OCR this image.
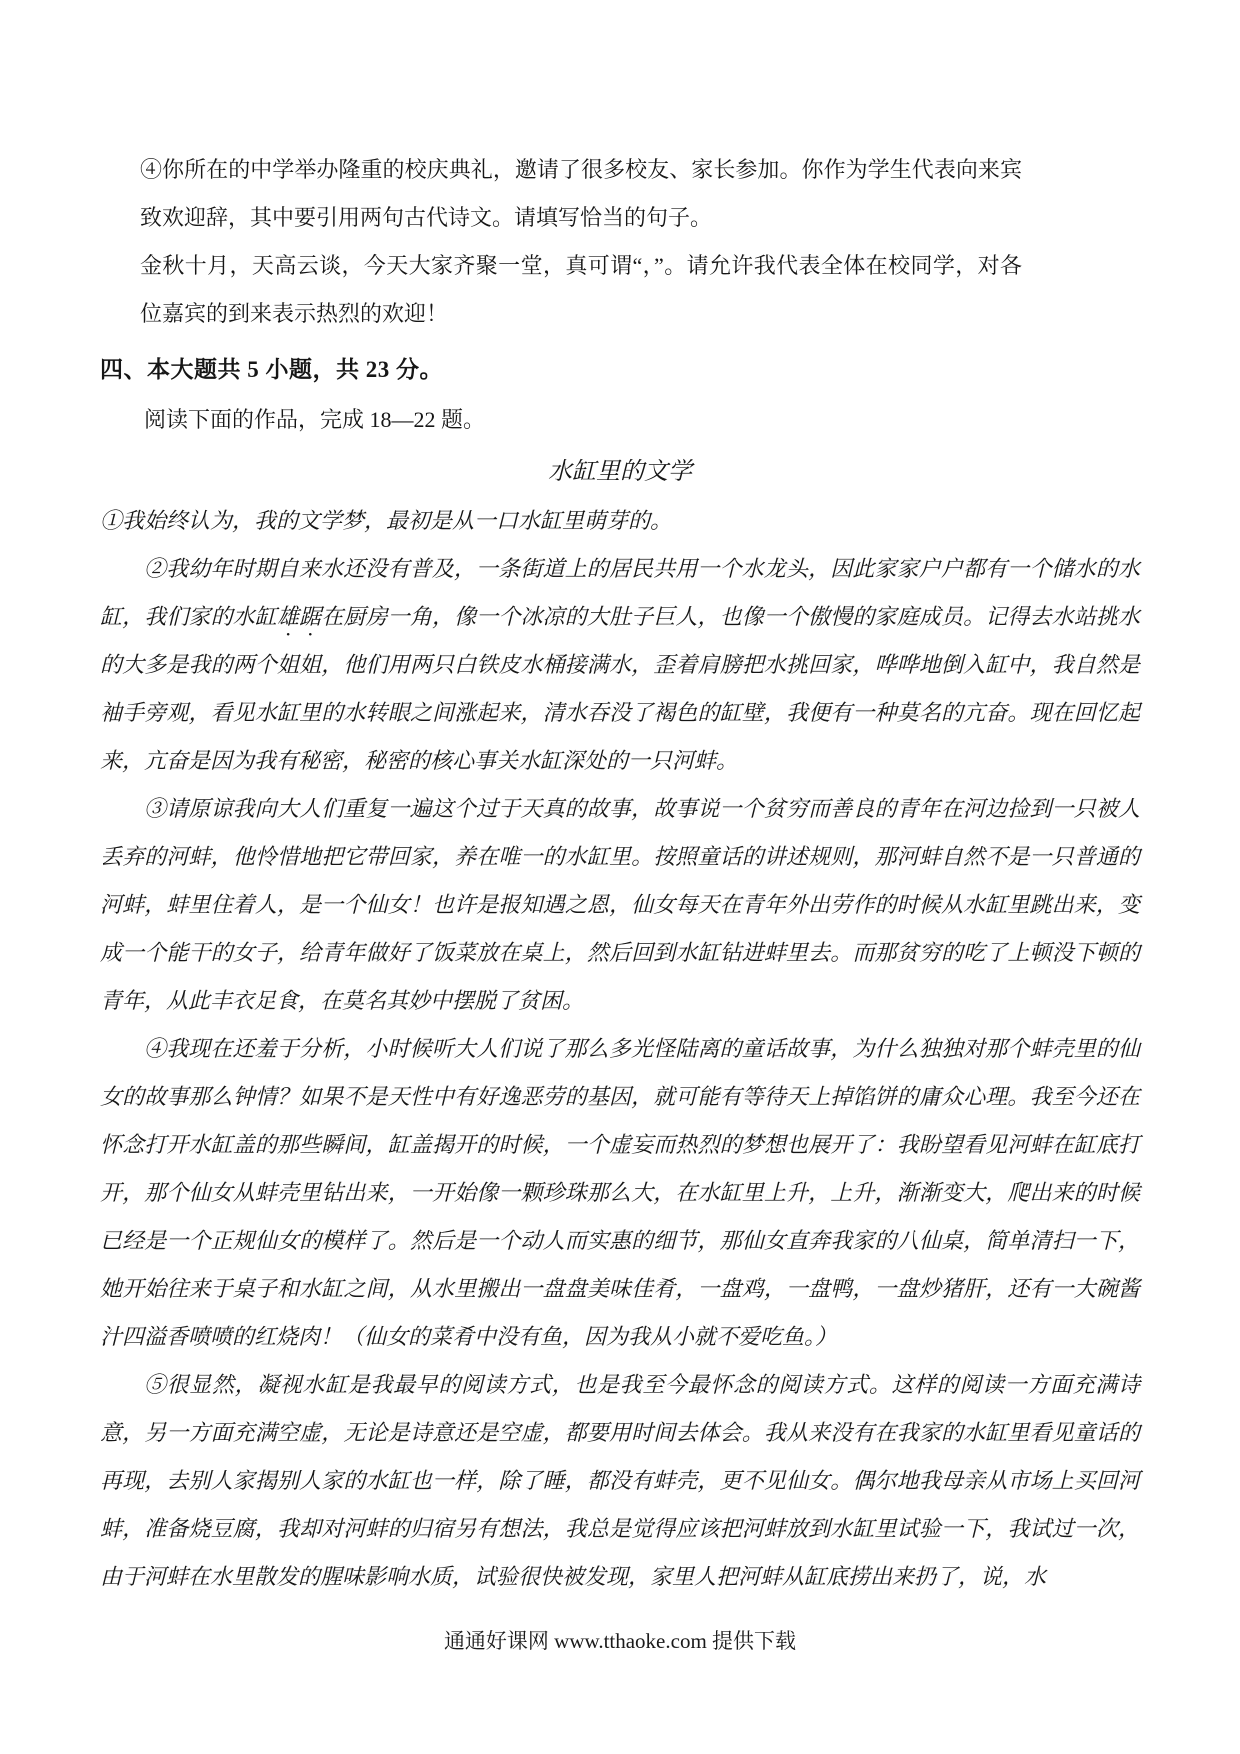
④你所在的中学举办隆重的校庆典礼，邀请了很多校友、家长参加。你作为学生代表向来宾致欢迎辞，其中要引用两句古代诗文。请填写恰当的句子。

金秋十月，天高云谈，今天大家齐聚一堂，真可谓“，”。请允许我代表全体在校同学，对各位嘉宾的到来表示热烈的欢迎！

四、本大题共 5 小题，共 23 分。

阅读下面的作品，完成 18—22 题。

水缸里的文学

①我始终认为，我的文学梦，最初是从一口水缸里萌芽的。

②我幼年时期自来水还没有普及，一条街道上的居民共用一个水龙头，因此家家户户都有一个储水的水缸，我们家的水缸雄踞在厨房一角，像一个冰凉的大肚子巨人，也像一个傲慢的家庭成员。记得去水站挑水的大多是我的两个姐姐，他们用两只白铁皮水桶接满水，歪着肩膀把水挑回家，哗哗地倒入缸中，我自然是袖手旁观，看见水缸里的水转眼之间涨起来，清水吞没了褐色的缸壁，我便有一种莫名的亢奋。现在回忆起来，亢奋是因为我有秘密，秘密的核心事关水缸深处的一只河蚌。

③请原谅我向大人们重复一遍这个过于天真的故事，故事说一个贫穷而善良的青年在河边捡到一只被人丢弃的河蚌，他怜惜地把它带回家，养在唯一的水缸里。按照童话的讲述规则，那河蚌自然不是一只普通的河蚌，蚌里住着人，是一个仙女！也许是报知遇之恩，仙女每天在青年外出劳作的时候从水缸里跳出来，变成一个能干的女子，给青年做好了饭菜放在桌上，然后回到水缸钻进蚌里去。而那贫穷的吃了上顿没下顿的青年，从此丰衣足食，在莫名其妙中摆脱了贫困。

④我现在还羞于分析，小时候听大人们说了那么多光怪陆离的童话故事，为什么独独对那个蚌壳里的仙女的故事那么钟情？如果不是天性中有好逸恶劳的基因，就可能有等待天上掉馅饼的庸众心理。我至今还在怀念打开水缸盖的那些瞬间，缸盖揭开的时候，一个虚妄而热烈的梦想也展开了：我盼望看见河蚌在缸底打开，那个仙女从蚌壳里钻出来，一开始像一颗珍珠那么大，在水缸里上升，上升，渐渐变大，爬出来的时候已经是一个正规仙女的模样了。然后是一个动人而实惠的细节，那仙女直奔我家的八仙桌，简单清扫一下，她开始往来于桌子和水缸之间，从水里搬出一盘盘美味佳肴，一盘鸡，一盘鸭，一盘炒猪肝，还有一大碗酱汁四溢香喷喷的红烧肉！（仙女的菜肴中没有鱼，因为我从小就不爱吃鱼。）

⑤很显然，凝视水缸是我最早的阅读方式，也是我至今最怀念的阅读方式。这样的阅读一方面充满诗意，另一方面充满空虚，无论是诗意还是空虚，都要用时间去体会。我从来没有在我家的水缸里看见童话的再现，去别人家揭别人家的水缸也一样，除了睡，都没有蚌壳，更不见仙女。偶尔地我母亲从市场上买回河蚌，准备烧豆腐，我却对河蚌的归宿另有想法，我总是觉得应该把河蚌放到水缸里试验一下，我试过一次，由于河蚌在水里散发的腥味影响水质，试验很快被发现，家里人把河蚌从缸底捞出来扔了，说，水

通通好课网 www.tthaoke.com 提供下载
